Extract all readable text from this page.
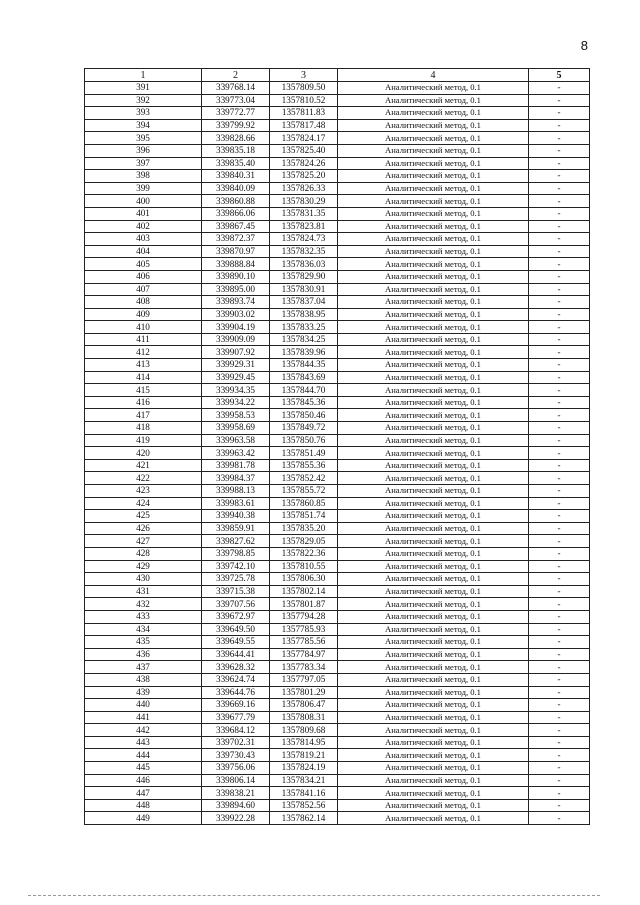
8
1	2	3	4	5
391	339768.14	1357809.50	Аналитический метод, 0.1	-
392	339773.04	1357810.52	Аналитический метод, 0.1	-
393	339772.77	1357811.83	Аналитический метод, 0.1	-
394	339799.92	1357817.48	Аналитический метод, 0.1	-
395	339828.66	1357824.17	Аналитический метод, 0.1	-
396	339835.18	1357825.40	Аналитический метод, 0.1	-
397	339835.40	1357824.26	Аналитический метод, 0.1	-
398	339840.31	1357825.20	Аналитический метод, 0.1	-
399	339840.09	1357826.33	Аналитический метод, 0.1	-
400	339860.88	1357830.29	Аналитический метод, 0.1	-
401	339866.06	1357831.35	Аналитический метод, 0.1	-
402	339867.45	1357823.81	Аналитический метод, 0.1	-
403	339872.37	1357824.73	Аналитический метод, 0.1	-
404	339870.97	1357832.35	Аналитический метод, 0.1	-
405	339888.84	1357836.03	Аналитический метод, 0.1	-
406	339890.10	1357829.90	Аналитический метод, 0.1	-
407	339895.00	1357830.91	Аналитический метод, 0.1	-
408	339893.74	1357837.04	Аналитический метод, 0.1	-
409	339903.02	1357838.95	Аналитический метод, 0.1	-
410	339904.19	1357833.25	Аналитический метод, 0.1	-
411	339909.09	1357834.25	Аналитический метод, 0.1	-
412	339907.92	1357839.96	Аналитический метод, 0.1	-
413	339929.31	1357844.35	Аналитический метод, 0.1	-
414	339929.45	1357843.69	Аналитический метод, 0.1	-
415	339934.35	1357844.70	Аналитический метод, 0.1	-
416	339934.22	1357845.36	Аналитический метод, 0.1	-
417	339958.53	1357850.46	Аналитический метод, 0.1	-
418	339958.69	1357849.72	Аналитический метод, 0.1	-
419	339963.58	1357850.76	Аналитический метод, 0.1	-
420	339963.42	1357851.49	Аналитический метод, 0.1	-
421	339981.78	1357855.36	Аналитический метод, 0.1	-
422	339984.37	1357852.42	Аналитический метод, 0.1	-
423	339988.13	1357855.72	Аналитический метод, 0.1	-
424	339983.61	1357860.85	Аналитический метод, 0.1	-
425	339940.38	1357851.74	Аналитический метод, 0.1	-
426	339859.91	1357835.20	Аналитический метод, 0.1	-
427	339827.62	1357829.05	Аналитический метод, 0.1	-
428	339798.85	1357822.36	Аналитический метод, 0.1	-
429	339742.10	1357810.55	Аналитический метод, 0.1	-
430	339725.78	1357806.30	Аналитический метод, 0.1	-
431	339715.38	1357802.14	Аналитический метод, 0.1	-
432	339707.56	1357801.87	Аналитический метод, 0.1	-
433	339672.97	1357794.28	Аналитический метод, 0.1	-
434	339649.50	1357785.93	Аналитический метод, 0.1	-
435	339649.55	1357785.56	Аналитический метод, 0.1	-
436	339644.41	1357784.97	Аналитический метод, 0.1	-
437	339628.32	1357783.34	Аналитический метод, 0.1	-
438	339624.74	1357797.05	Аналитический метод, 0.1	-
439	339644.76	1357801.29	Аналитический метод, 0.1	-
440	339669.16	1357806.47	Аналитический метод, 0.1	-
441	339677.79	1357808.31	Аналитический метод, 0.1	-
442	339684.12	1357809.68	Аналитический метод, 0.1	-
443	339702.31	1357814.95	Аналитический метод, 0.1	-
444	339730.43	1357819.21	Аналитический метод, 0.1	-
445	339756.06	1357824.19	Аналитический метод, 0.1	-
446	339806.14	1357834.21	Аналитический метод, 0.1	-
447	339838.21	1357841.16	Аналитический метод, 0.1	-
448	339894.60	1357852.56	Аналитический метод, 0.1	-
449	339922.28	1357862.14	Аналитический метод, 0.1	-
